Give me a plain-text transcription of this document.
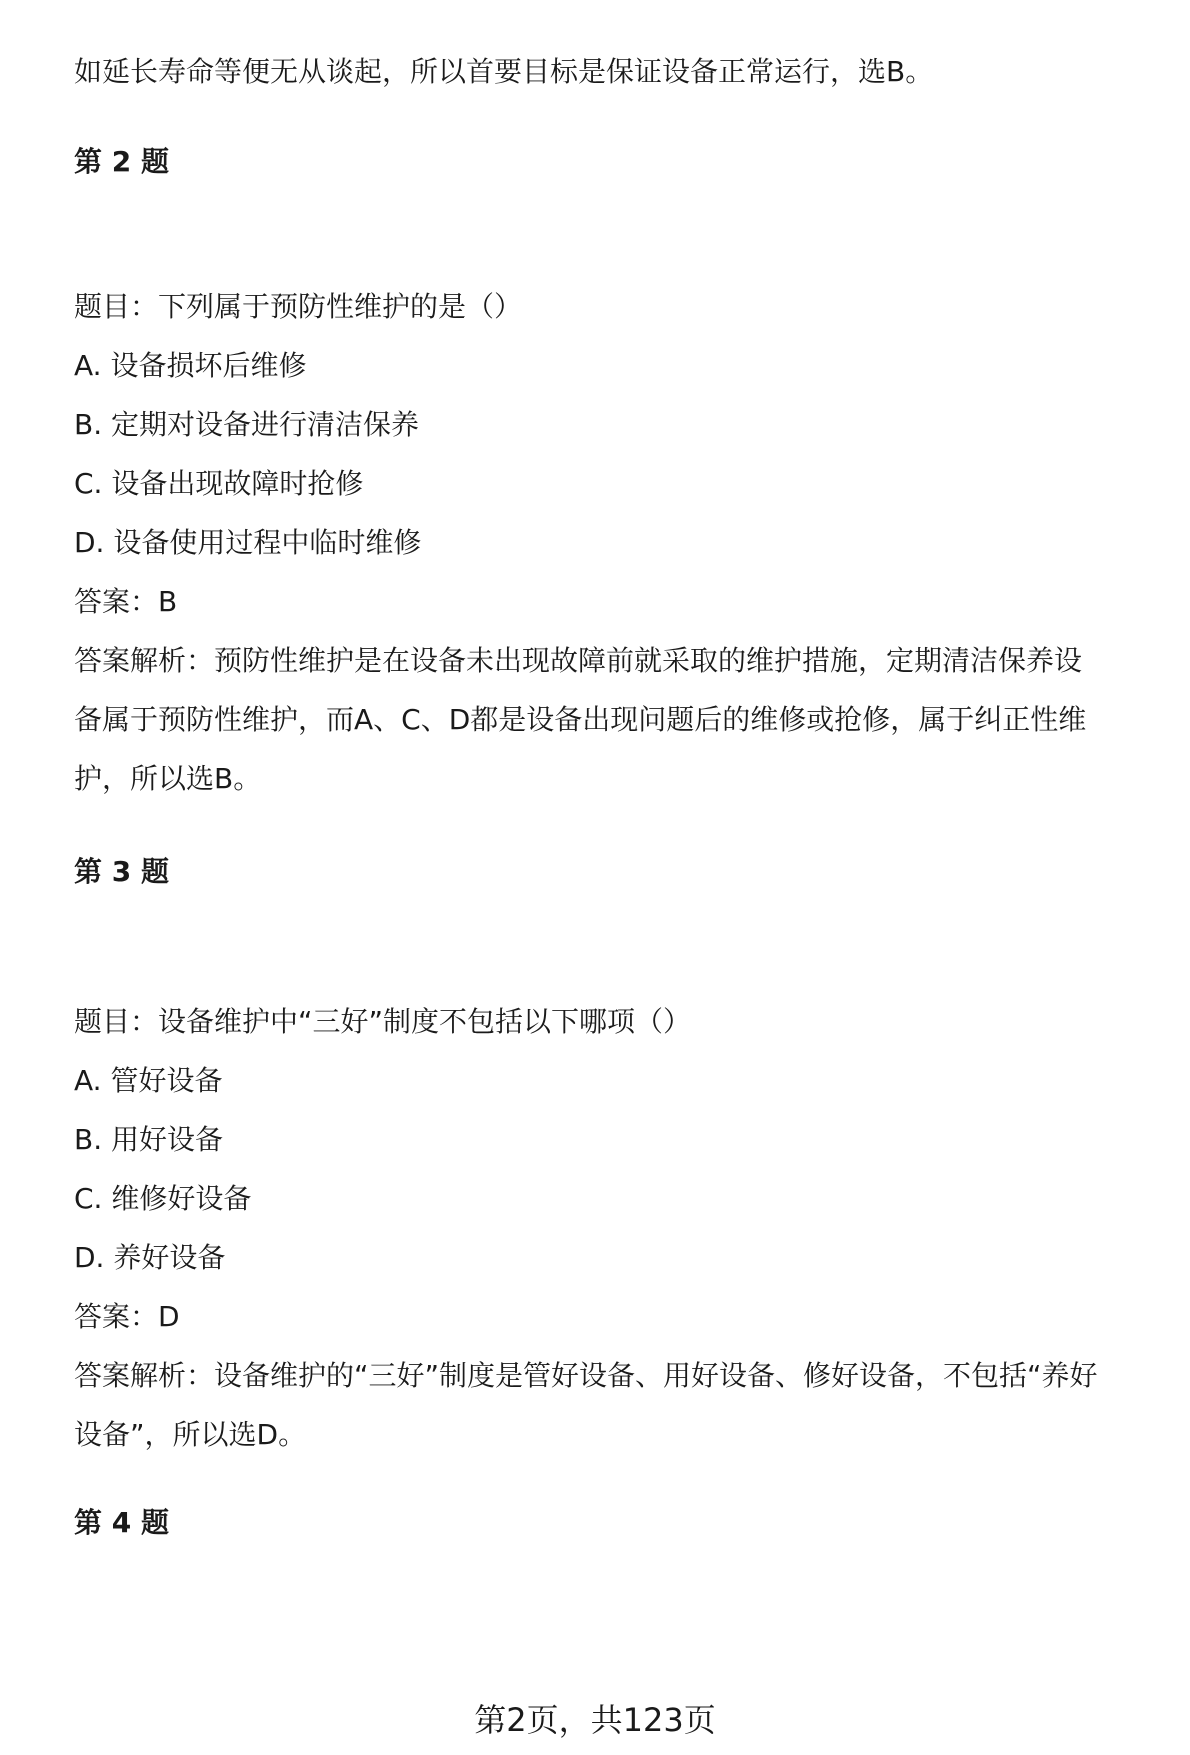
如延长寿命等便无从谈起，所以首要目标是保证设备正常运行，选B。
第 2 题
题目：下列属于预防性维护的是（）
A. 设备损坏后维修
B. 定期对设备进行清洁保养
C. 设备出现故障时抢修
D. 设备使用过程中临时维修
答案：B
答案解析：预防性维护是在设备未出现故障前就采取的维护措施，定期清洁保养设
备属于预防性维护，而A、C、D都是设备出现问题后的维修或抢修，属于纠正性维
护，所以选B。
第 3 题
题目：设备维护中“三好”制度不包括以下哪项（）
A. 管好设备
B. 用好设备
C. 维修好设备
D. 养好设备
答案：D
答案解析：设备维护的“三好”制度是管好设备、用好设备、修好设备，不包括“养好
设备”，所以选D。
第 4 题
第2页，共123页
